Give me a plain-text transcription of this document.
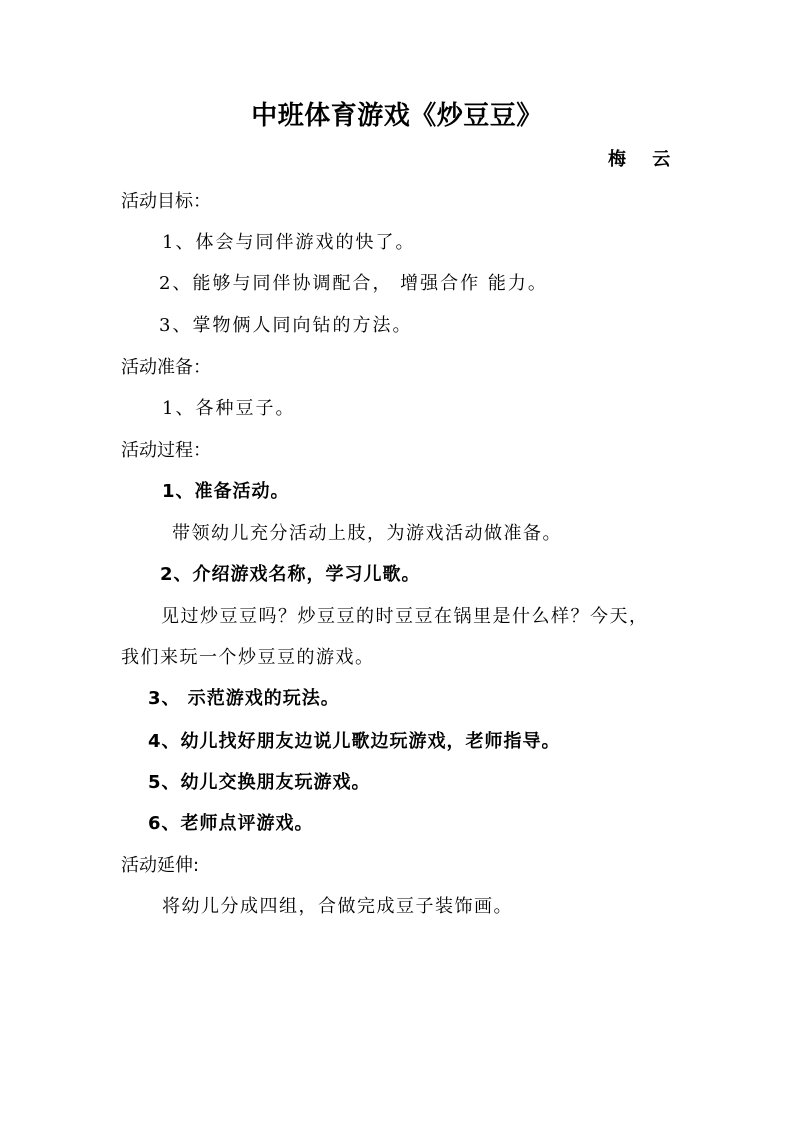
中班体育游戏《炒豆豆》
梅 云
活动目标：
1、体会与同伴游戏的快了。
2、能够与同伴协调配合， 增强合作 能力。
3、掌物俩人同向钻的方法。
活动准备：
1、各种豆子。
活动过程：
1、准备活动。
带领幼儿充分活动上肢，为游戏活动做准备。
2、介绍游戏名称，学习儿歌。
见过炒豆豆吗？炒豆豆的时豆豆在锅里是什么样？今天，
我们来玩一个炒豆豆的游戏。
3、 示范游戏的玩法。
4、幼儿找好朋友边说儿歌边玩游戏，老师指导。
5、幼儿交换朋友玩游戏。
6、老师点评游戏。
活动延伸:
将幼儿分成四组，合做完成豆子装饰画。
